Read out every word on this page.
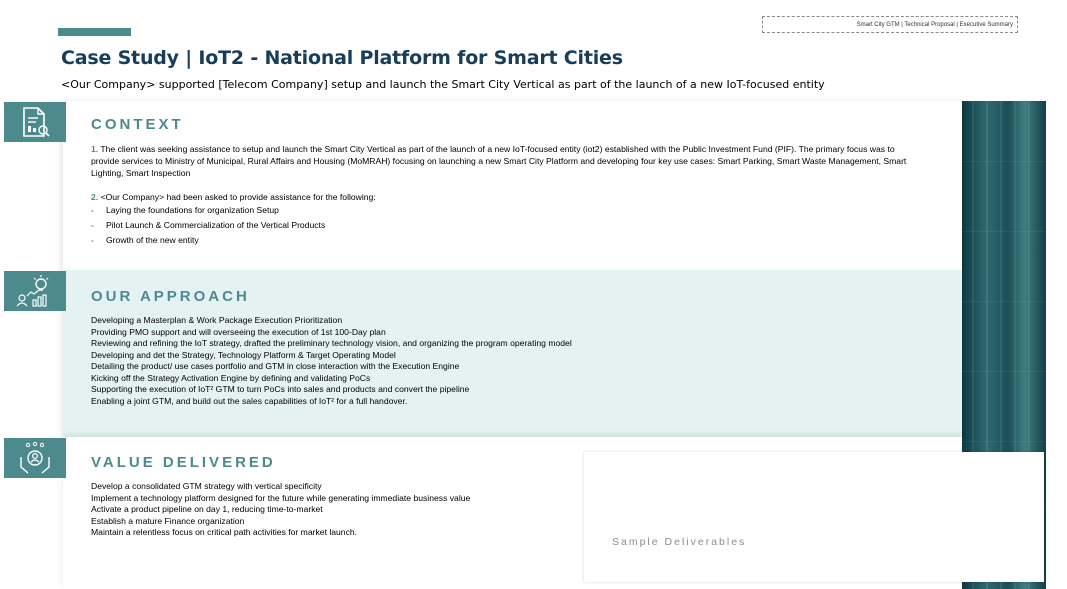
Smart City GTM | Technical Proposal | Executive Summary
Case Study | IoT2 - National Platform for Smart Cities
<Our Company> supported [Telecom Company] setup and launch the Smart City Vertical as part of the launch of a new IoT-focused entity
CONTEXT
1. The client was seeking assistance to setup and launch the Smart City Vertical as part of the launch of a new IoT-focused entity (iot2) established with the Public Investment Fund (PIF). The primary focus was to provide services to Ministry of Municipal, Rural Affairs and Housing (MoMRAH) focusing on launching a new Smart City Platform and developing four key use cases: Smart Parking, Smart Waste Management, Smart Lighting, Smart Inspection
2. <Our Company> had been asked to provide assistance for the following:
- Laying the foundations for organization Setup
- Pilot Launch & Commercialization of the Vertical Products
- Growth of the new entity
OUR APPROACH
Developing a Masterplan & Work Package Execution Prioritization
Providing PMO support and will overseeing the execution of 1st 100-Day plan
Reviewing and refining the IoT strategy, drafted the preliminary technology vision, and organizing the program operating model
Developing and det the Strategy, Technology Platform & Target Operating Model
Detailing the product/ use cases portfolio and GTM in close interaction with the Execution Engine
Kicking off the Strategy Activation Engine by defining and validating PoCs
Supporting the execution of IoT² GTM to turn PoCs into sales and products and convert the pipeline
Enabling a joint GTM, and build out the sales capabilities of IoT² for a full handover.
VALUE DELIVERED
Develop a consolidated GTM strategy with vertical specificity
Implement a technology platform designed for the future while generating immediate business value
Activate a product pipeline on day 1, reducing time-to-market
Establish a mature Finance organization
Maintain a relentless focus on critical path activities for market launch.
Sample Deliverables
